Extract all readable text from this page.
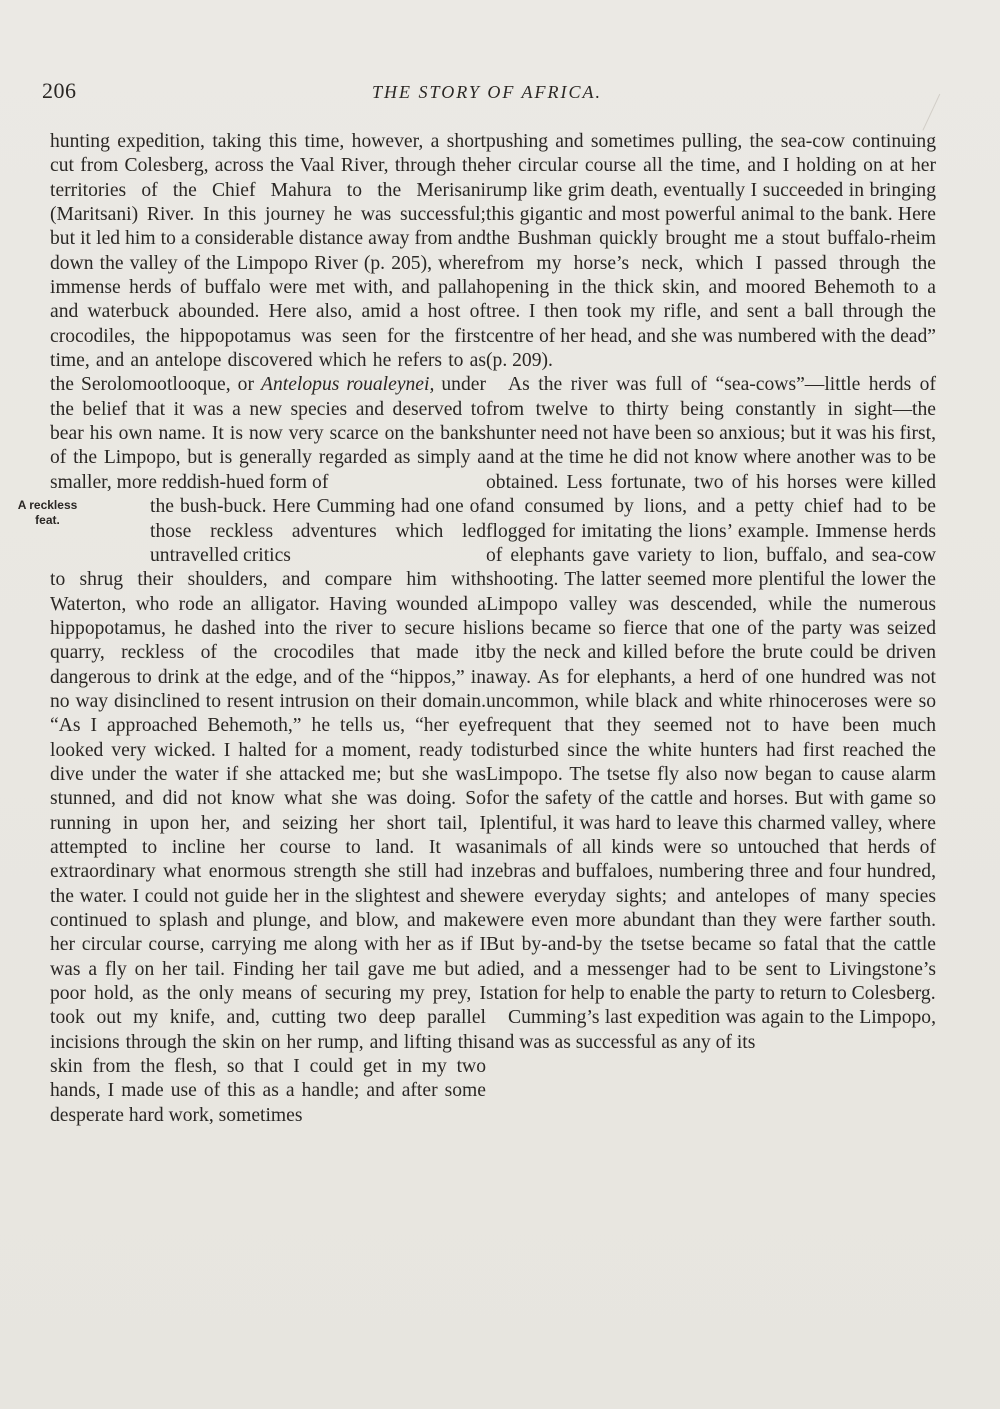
206	THE STORY OF AFRICA.

hunting expedition, taking this time, however, a short cut from Colesberg, across the Vaal River, through the territories of the Chief Mahura to the Merisani (Maritsani) River. In this journey he was successful; but it led him to a considerable distance away from and down the valley of the Limpopo River (p. 205), where immense herds of buffalo were met with, and pallah and waterbuck abounded. Here also, amid a host of crocodiles, the hippopotamus was seen for the first time, and an antelope discovered which he refers to as the Serolomootlooque, or Antelopus roualeynei, under the belief that it was a new species and deserved to bear his own name. It is now very scarce on the banks of the Limpopo, but is generally regarded as simply a smaller, more reddish-hued form of

A reckless
feat.

the bush-buck. Here Cumming had one of those reckless adventures which led untravelled critics

to shrug their shoulders, and compare him with Waterton, who rode an alligator. Having wounded a hippopotamus, he dashed into the river to secure his quarry, reckless of the crocodiles that made it dangerous to drink at the edge, and of the “hippos,” in no way disinclined to resent intrusion on their domain. “As I approached Behemoth,” he tells us, “her eye looked very wicked. I halted for a moment, ready to dive under the water if she attacked me; but she was stunned, and did not know what she was doing. So running in upon her, and seizing her short tail, I attempted to incline her course to land. It was extraordinary what enormous strength she still had in the water. I could not guide her in the slightest and she continued to splash and plunge, and blow, and make her circular course, carrying me along with her as if I was a fly on her tail. Finding her tail gave me but a poor hold, as the only means of securing my prey, I took out my knife, and, cutting two deep parallel incisions through the skin on her rump, and lifting this skin from the flesh, so that I could get in my two hands, I made use of this as a handle; and after some desperate hard work, sometimes

pushing and sometimes pulling, the sea-cow continuing her circular course all the time, and I holding on at her rump like grim death, eventually I succeeded in bringing this gigantic and most powerful animal to the bank. Here the Bushman quickly brought me a stout buffalo-rheim from my horse’s neck, which I passed through the opening in the thick skin, and moored Behemoth to a tree. I then took my rifle, and sent a ball through the centre of her head, and she was numbered with the dead” (p. 209).

As the river was full of “sea-cows”—little herds of from twelve to thirty being constantly in sight—the hunter need not have been so anxious; but it was his first, and at the time he did not know where another was to be obtained. Less fortunate, two of his horses were killed and consumed by lions, and a petty chief had to be flogged for imitating the lions’ example. Immense herds of elephants gave variety to lion, buffalo, and sea-cow shooting. The latter seemed more plentiful the lower the Limpopo valley was descended, while the numerous lions became so fierce that one of the party was seized by the neck and killed before the brute could be driven away. As for elephants, a herd of one hundred was not uncommon, while black and white rhinoceroses were so frequent that they seemed not to have been much disturbed since the white hunters had first reached the Limpopo. The tsetse fly also now began to cause alarm for the safety of the cattle and horses. But with game so plentiful, it was hard to leave this charmed valley, where animals of all kinds were so untouched that herds of zebras and buffaloes, numbering three and four hundred, were everyday sights; and antelopes of many species were even more abundant than they were farther south. But by-and-by the tsetse became so fatal that the cattle died, and a messenger had to be sent to Livingstone’s station for help to enable the party to return to Colesberg.

Cumming’s last expedition was again to the Limpopo, and was as successful as any of its
